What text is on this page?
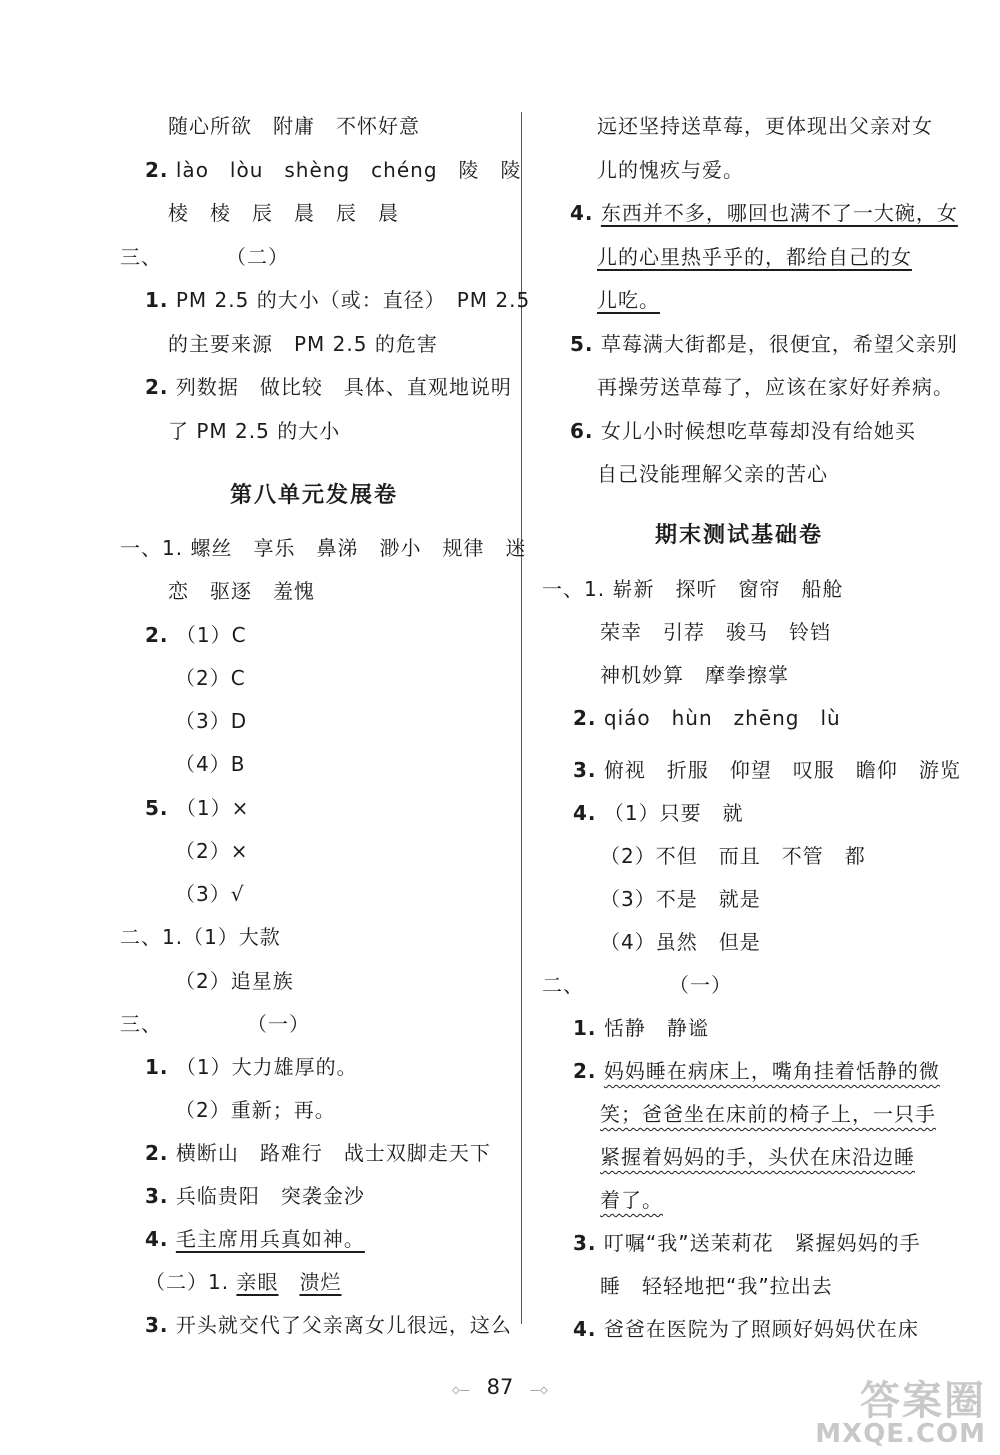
第八单元发展卷
期末测试基础卷
◇— 87	—◇	答案圈
MXQE.COM
随心所欲　附庸　不怀好意
2. lào　lòu　shèng　chéng　陵　陵
棱　棱　辰　晨　辰　晨
三、　　　　（二）
1. PM 2.5 的大小（或：直径）　PM 2.5
的主要来源　PM 2.5 的危害
2. 列数据　做比较　具体、直观地说明
了 PM 2.5 的大小
一、1. 螺丝　享乐　鼻涕　渺小　规律　迷
恋　驱逐　羞愧
2. （1）C
（2）C
（3）D
（4）B
5. （1）×
（2）×
（3）√
二、1.（1）大款
（2）追星族
三、　　　　　（一）
1. （1）大力雄厚的。
（2）重新；再。
2. 横断山　路难行　战士双脚走天下
3. 兵临贵阳　突袭金沙
4. 毛主席用兵真如神。
（二）1. 亲眼　 溃烂
3. 开头就交代了父亲离女儿很远，这么
远还坚持送草莓，更体现出父亲对女
儿的愧疚与爱。
4. 东西并不多，哪回也满不了一大碗，女
儿的心里热乎乎的，都给自己的女
儿吃。
5. 草莓满大街都是，很便宜，希望父亲别
再操劳送草莓了，应该在家好好养病。
6. 女儿小时候想吃草莓却没有给她买
自己没能理解父亲的苦心
一、1. 崭新　探听　窗帘　船舱
荣幸　引荐　骏马　铃铛
神机妙算　摩拳擦掌
2. qiáo　hùn　zhēng　lù
3. 俯视　折服　仰望　叹服　瞻仰　游览
4. （1）只要　就
（2）不但　而且　不管　都
（3）不是　就是
（4）虽然　但是
二、　　　　　（一）
1. 恬静　静谧
2. 妈妈睡在病床上，嘴角挂着恬静的微
笑；爸爸坐在床前的椅子上，一只手
紧握着妈妈的手，头伏在床沿边睡
着了。
3. 叮嘱“我”送茉莉花　紧握妈妈的手
睡　轻轻地把“我”拉出去
4. 爸爸在医院为了照顾好妈妈伏在床
